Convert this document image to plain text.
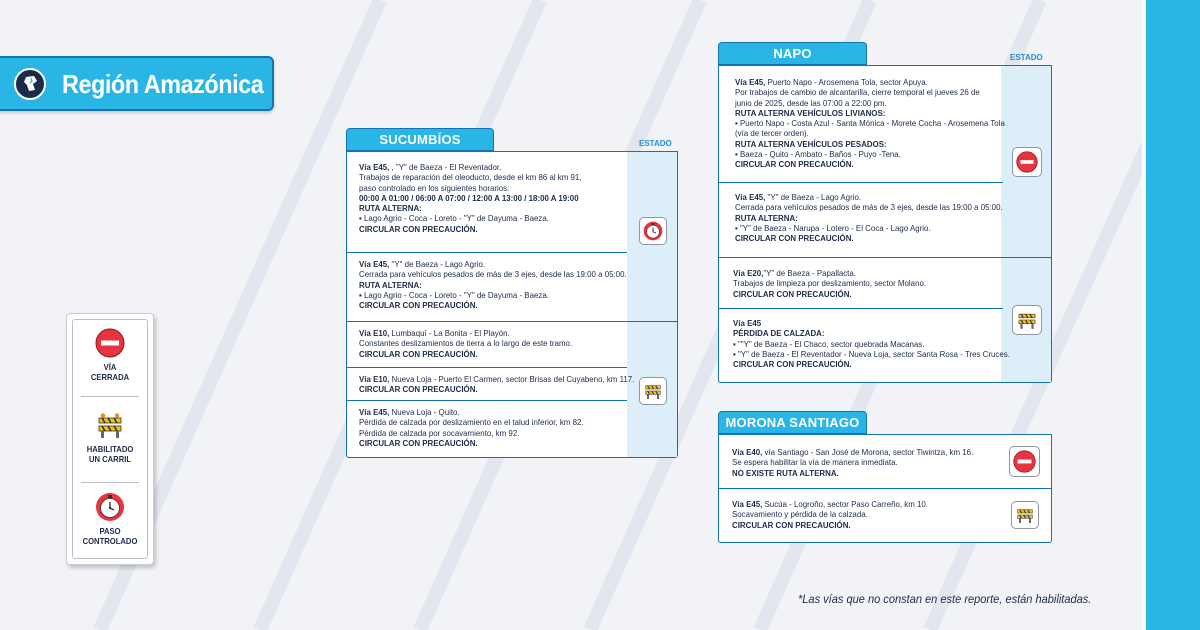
Región Amazónica
VÍA
CERRADA
HABILITADO
UN CARRIL
PASO
CONTROLADO
SUCUMBÍOS	ESTADO
Vía E45, , "Y" de Baeza - El Reventador.
Trabajos de reparación del oleoducto, desde el km 86 al km 91,
paso controlado en los siguientes horarios:
00:00 A 01:00 / 06:00 A 07:00 / 12:00 A 13:00 / 18:00 A 19:00
RUTA ALTERNA:
▪ Lago Agrio - Coca - Loreto - "Y" de Dayuma - Baeza.
CIRCULAR CON PRECAUCIÓN.
Vía E45, "Y" de Baeza - Lago Agrio.
Cerrada para vehículos pesados de más de 3 ejes, desde las 19:00 a 05:00.
RUTA ALTERNA:
▪ Lago Agrio - Coca - Loreto - "Y" de Dayuma - Baeza.
CIRCULAR CON PRECAUCIÓN.
Vía E10, Lumbaquí - La Bonita - El Playón.
Constantes deslizamientos de tierra a lo largo de este tramo.
CIRCULAR CON PRECAUCIÓN.
Vía E10, Nueva Loja - Puerto El Carmen, sector Brisas del Cuyabeno, km 117.
CIRCULAR CON PRECAUCIÓN.
Vía E45, Nueva Loja - Quito.
Pérdida de calzada por deslizamiento en el talud inferior, km 82.
Pérdida de calzada por socavamiento, km 92.
CIRCULAR CON PRECAUCIÓN.
NAPO	ESTADO
Vía E45, Puerto Napo - Arosemena Tola, sector Apuya.
Por trabajos de cambio de alcantarilla, cierre temporal el jueves 26 de
junio de 2025, desde las 07:00 a 22:00 pm.
RUTA ALTERNA VEHÍCULOS LIVIANOS:
▪ Puerto Napo - Costa Azul - Santa Mónica - Morete Cocha - Arosemena Tola
(vía de tercer orden).
RUTA ALTERNA VEHÍCULOS PESADOS:
▪ Baeza - Quito - Ambato - Baños - Puyo -Tena.
CIRCULAR CON PRECAUCIÓN.
Vía E45, "Y" de Baeza - Lago Agrio.
Cerrada para vehículos pesados de más de 3 ejes, desde las 19:00 a 05:00.
RUTA ALTERNA:
▪ "Y" de Baeza - Narupa - Lotero - El Coca - Lago Agrio.
CIRCULAR CON PRECAUCIÓN.
Vía E20,"Y" de Baeza - Papallacta.
Trabajos de limpieza por deslizamiento, sector Molano.
CIRCULAR CON PRECAUCIÓN.
Vía E45
PÉRDIDA DE CALZADA:
▪ ""Y" de Baeza - El Chaco, sector quebrada Macanas.
▪ "Y" de Baeza - El Reventador - Nueva Loja, sector Santa Rosa - Tres Cruces.
CIRCULAR CON PRECAUCIÓN.
MORONA SANTIAGO
Vía E40, vía Santiago - San José de Morona, sector Tiwintza, km 16.
Se espera habilitar la vía de manera inmediata.
NO EXISTE RUTA ALTERNA.
Vía E45, Sucúa - Logroño, sector Paso Carreño, km 10.
Socavamiento y pérdida de la calzada.
CIRCULAR CON PRECAUCIÓN.
*Las vías que no constan en este reporte, están habilitadas.
